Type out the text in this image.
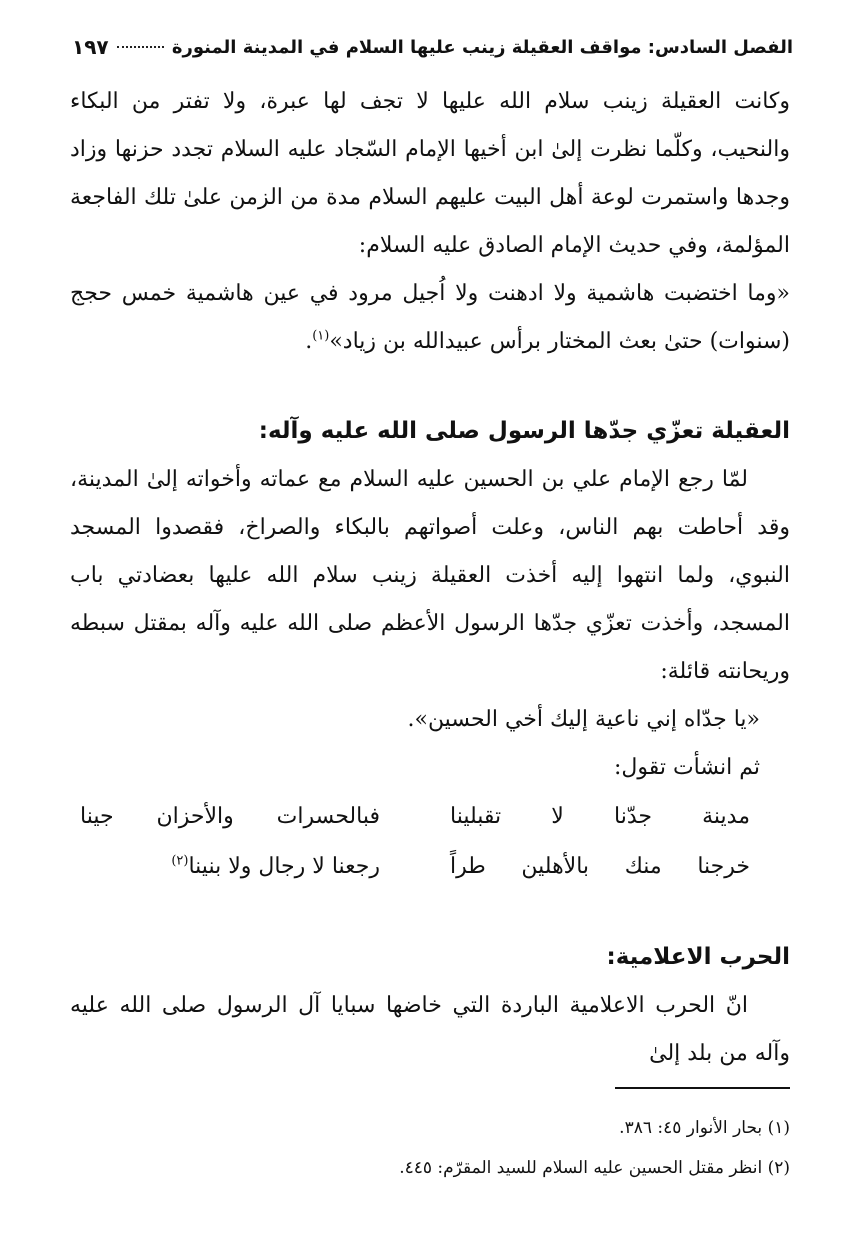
الفصل السادس: مواقف العقيلة زينب عليها السلام في المدينة المنورة
١٩٧

وكانت العقيلة زينب سلام الله عليها لا تجف لها عبرة، ولا تفتر من البكاء والنحيب، وكلّما نظرت إلىٰ ابن أخيها الإمام السّجاد عليه السلام تجدد حزنها وزاد وجدها واستمرت لوعة أهل البيت عليهم السلام مدة من الزمن علىٰ تلك الفاجعة المؤلمة، وفي حديث الإمام الصادق عليه السلام:

«وما اختضبت هاشمية ولا ادهنت ولا اُجيل مرود في عين هاشمية خمس حجج (سنوات) حتىٰ بعث المختار برأس عبيدالله بن زياد»$^{(١)}$.

العقيلة تعزّي جدّها الرسول صلى الله عليه وآله:

لمّا رجع الإمام علي بن الحسين عليه السلام مع عماته وأخواته إلىٰ المدينة، وقد أحاطت بهم الناس، وعلت أصواتهم بالبكاء والصراخ، فقصدوا المسجد النبوي، ولما انتهوا إليه أخذت العقيلة زينب سلام الله عليها بعضادتي باب المسجد، وأخذت تعزّي جدّها الرسول الأعظم صلى الله عليه وآله بمقتل سبطه وريحانته قائلة:

«يا جدّاه إني ناعية إليك أخي الحسين».

ثم انشأت تقول:

مدينة جدّنا لا تقبلينا
فبالحسرات والأحزان جينا
خرجنا منك بالأهلين طراً
رجعنا لا رجال ولا بنينا$^{(٢)}$

الحرب الاعلامية:

انّ الحرب الاعلامية الباردة التي خاضها سبايا آل الرسول صلى الله عليه وآله من بلد إلىٰ

(١) بحار الأنوار ٤٥: ٣٨٦.

(٢) انظر مقتل الحسين عليه السلام للسيد المقرّم: ٤٤٥.
